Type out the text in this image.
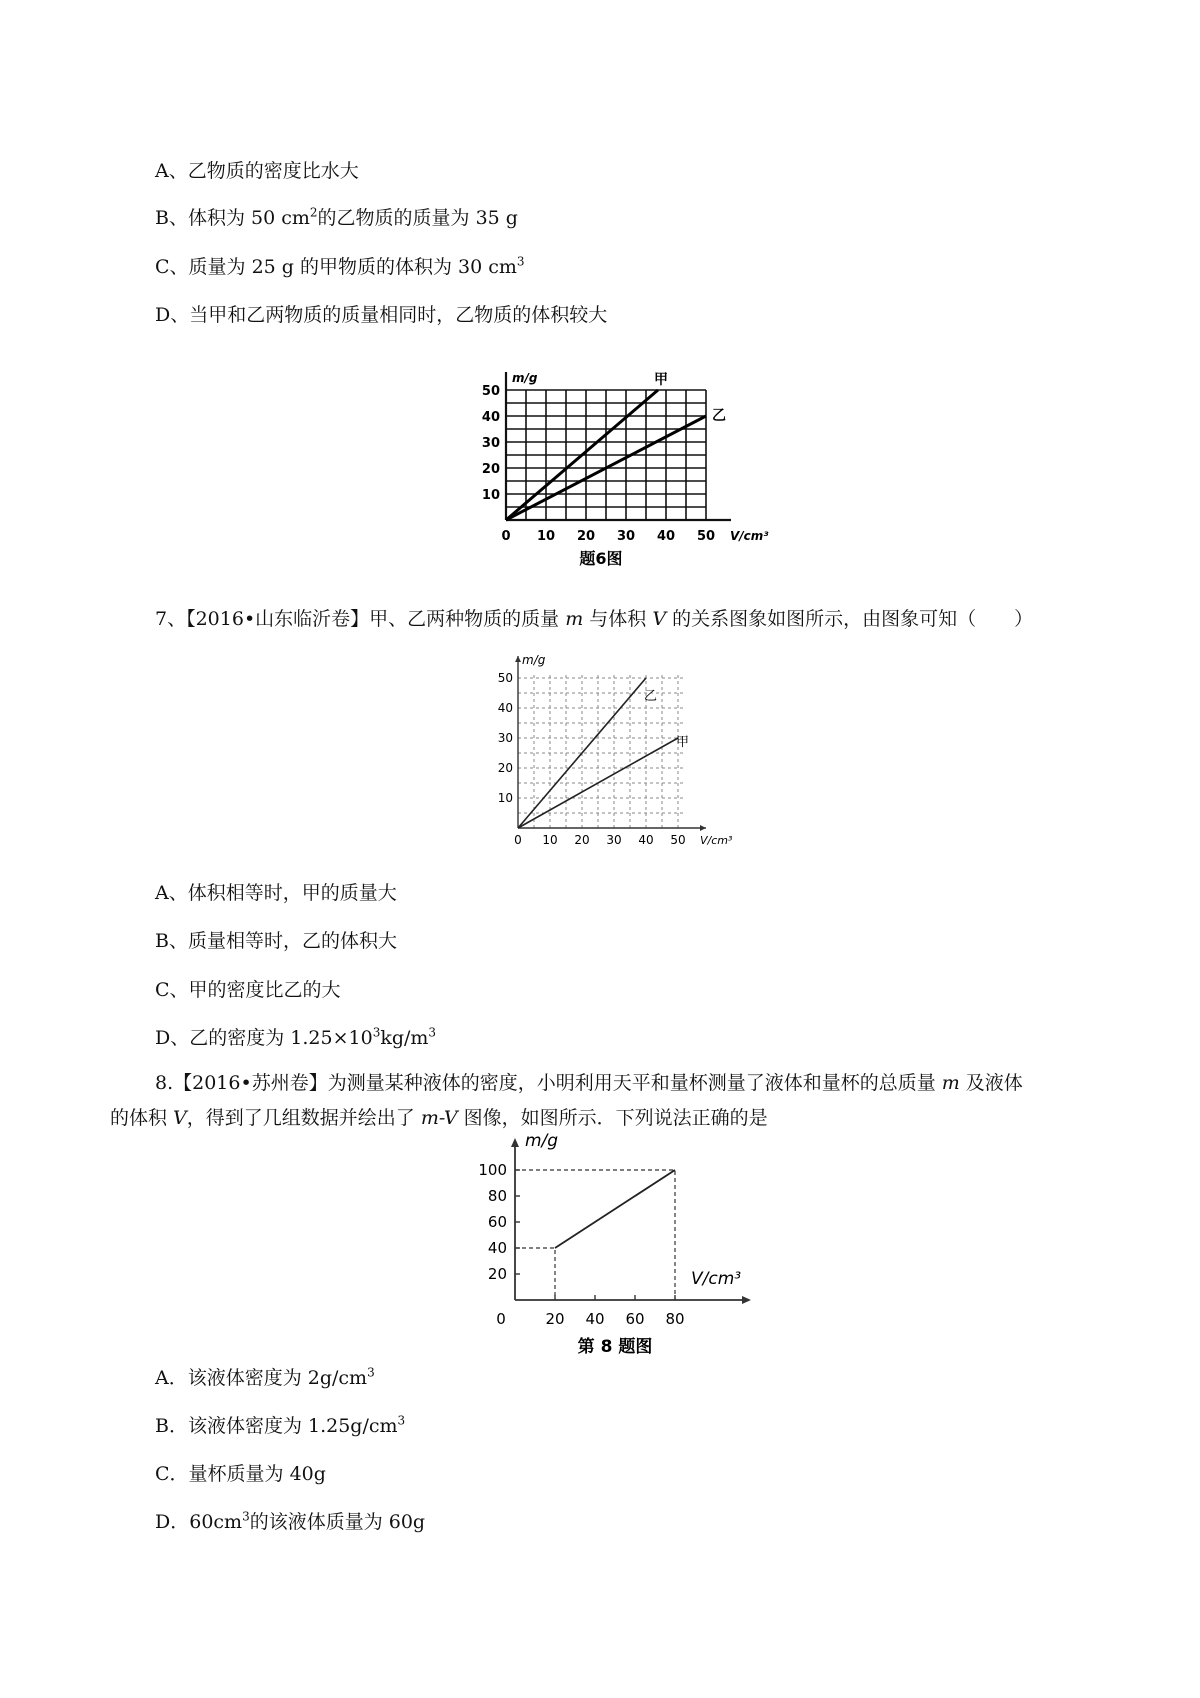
A、乙物质的密度比水大
B、体积为 50 $cm^2$的乙物质的质量为 35 g
C、质量为 25 g 的甲物质的体积为 30 $cm^3$
D、当甲和乙两物质的质量相同时，乙物质的体积较大
0 10 20 30 40 50
10
20
30
40
50
m/g
V/cm³
甲
乙
题6图
7、【2016•山东临沂卷】甲、乙两种物质的质量 m 与体积 V 的关系图象如图所示，由图象可知（　　）
0 10 20 30 40 50
10
20
30
40
50
m/g
V/cm³
乙
甲
A、体积相等时，甲的质量大
B、质量相等时，乙的体积大
C、甲的密度比乙的大
D、乙的密度为 $1.25\times 10^3kg/m^3$
8.【2016•苏州卷】为测量某种液体的密度，小明利用天平和量杯测量了液体和量杯的总质量 m 及液体
的体积 V，得到了几组数据并绘出了 m-V 图像，如图所示．下列说法正确的是
0	20 40 60 80
20
40
60
80
100
m/g
V/cm³
第 8 题图
A．该液体密度为 $2g/cm^3$
B．该液体密度为 $1.25g/cm^3$
C．量杯质量为 40g
D．$60cm^3$的该液体质量为 60g
